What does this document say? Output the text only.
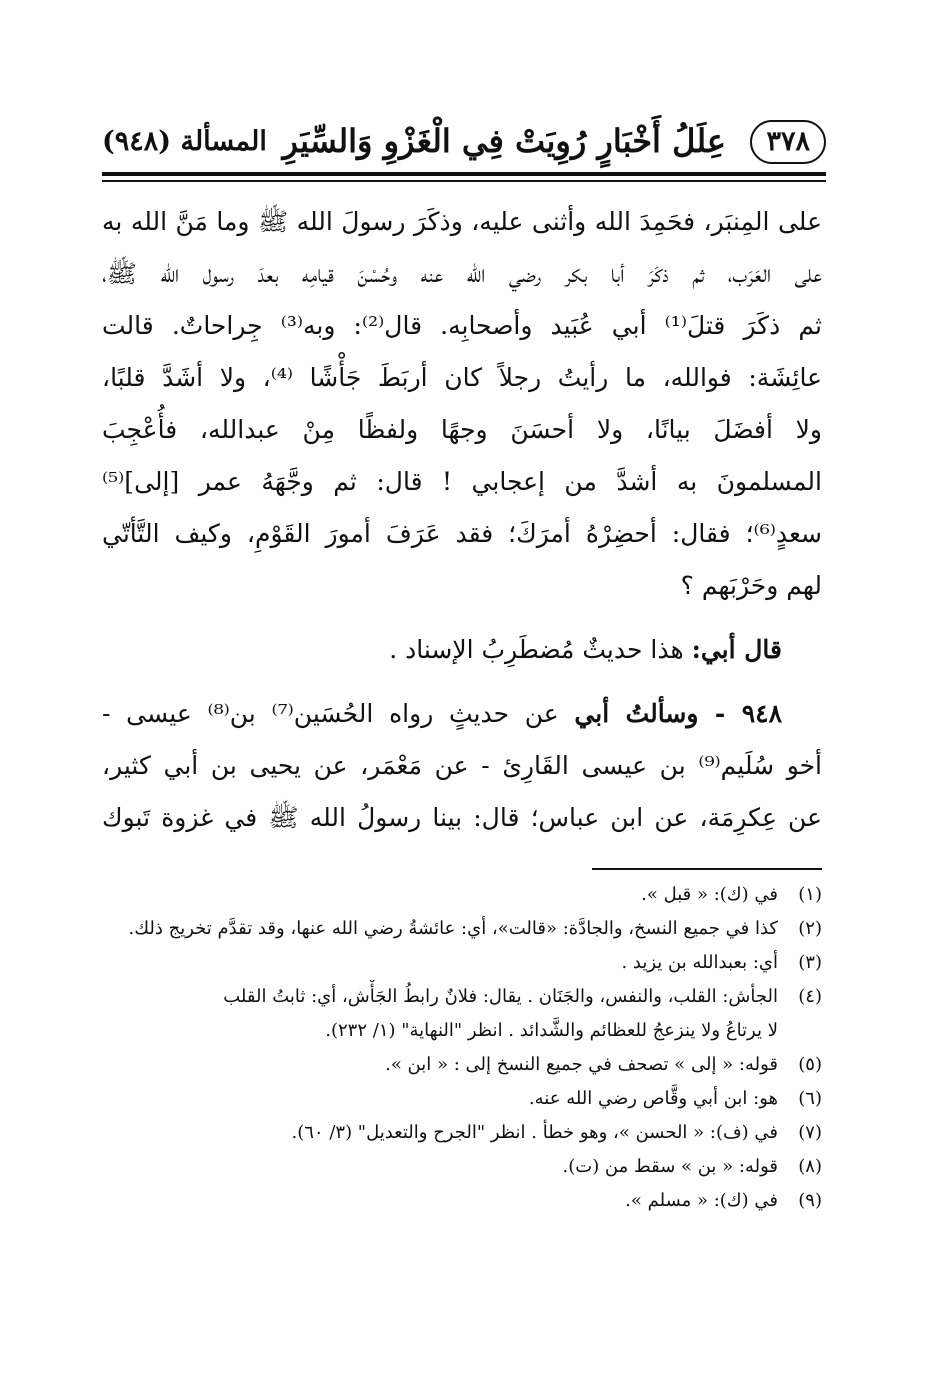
٣٧٨
عِلَلُ أَخْبَارٍ رُوِيَتْ فِي الْغَزْوِ وَالسِّيَرِ
المسألة (٩٤٨)
على المِنبَر، فحَمِدَ الله وأثنى عليه، وذكَرَ رسولَ الله ﷺ وما مَنَّ الله به
على العَرَب، ثم ذكَرَ أبا بكر رضي الله عنه وحُسْنَ قيامِه بعدَ رسول الله ﷺ،
ثم ذكَرَ قتلَ⁽¹⁾ أبي عُبَيد وأصحابِه. قال⁽²⁾: وبه⁽³⁾ جِراحاتٌ. قالت
عائِشَة: فوالله، ما رأيتُ رجلاً كان أربَطَ جَأْشًا ⁽⁴⁾، ولا أشَدَّ قلبًا،
ولا أفضَلَ بيانًا، ولا أحسَنَ وجهًا ولفظًا مِنْ عبدالله، فأُعْجِبَ
المسلمونَ به أشدَّ من إعجابي ! قال: ثم وجَّهَهُ عمر [إلى]⁽⁵⁾
سعدٍ⁽⁶⁾؛ فقال: أحضِرْهُ أمرَكَ؛ فقد عَرَفَ أمورَ القَوْمِ، وكيف التَّأتّي
لهم وحَرْبَهم ؟
قال أبي: هذا حديثٌ مُضطَرِبُ الإسناد .
٩٤٨ - وسألتُ أبي عن حديثٍ رواه الحُسَين⁽⁷⁾ بن⁽⁸⁾ عيسى -
أخو سُلَيم⁽⁹⁾ بن عيسى القَارِئ - عن مَعْمَر، عن يحيى بن أبي كثير،
عن عِكرِمَة، عن ابن عباس؛ قال: بينا رسولُ الله ﷺ في غزوة تَبوك
(١)
في (ك): « قبل ».
(٢)
كذا في جميع النسخ، والجادَّة: «قالت»، أي: عائشةُ رضي الله عنها، وقد تقدَّم تخريج ذلك.
(٣)
أي: بعبدالله بن يزيد .
(٤)
الجأش: القلب، والنفس، والجَنَان . يقال: فلانٌ رابطُ الجَأْش، أي: ثابتُ القلب
لا يرتاعُ ولا ينزعجُ للعظائم والشَّدائد . انظر "النهاية" (١/ ٢٣٢).
(٥)
قوله: « إلى » تصحف في جميع النسخ إلى : « ابن ».
(٦)
هو: ابن أبي وقَّاص رضي الله عنه.
(٧)
في (ف): « الحسن »، وهو خطأ . انظر "الجرح والتعديل" (٣/ ٦٠).
(٨)
قوله: « بن » سقط من (ت).
(٩)
في (ك): « مسلم ».
